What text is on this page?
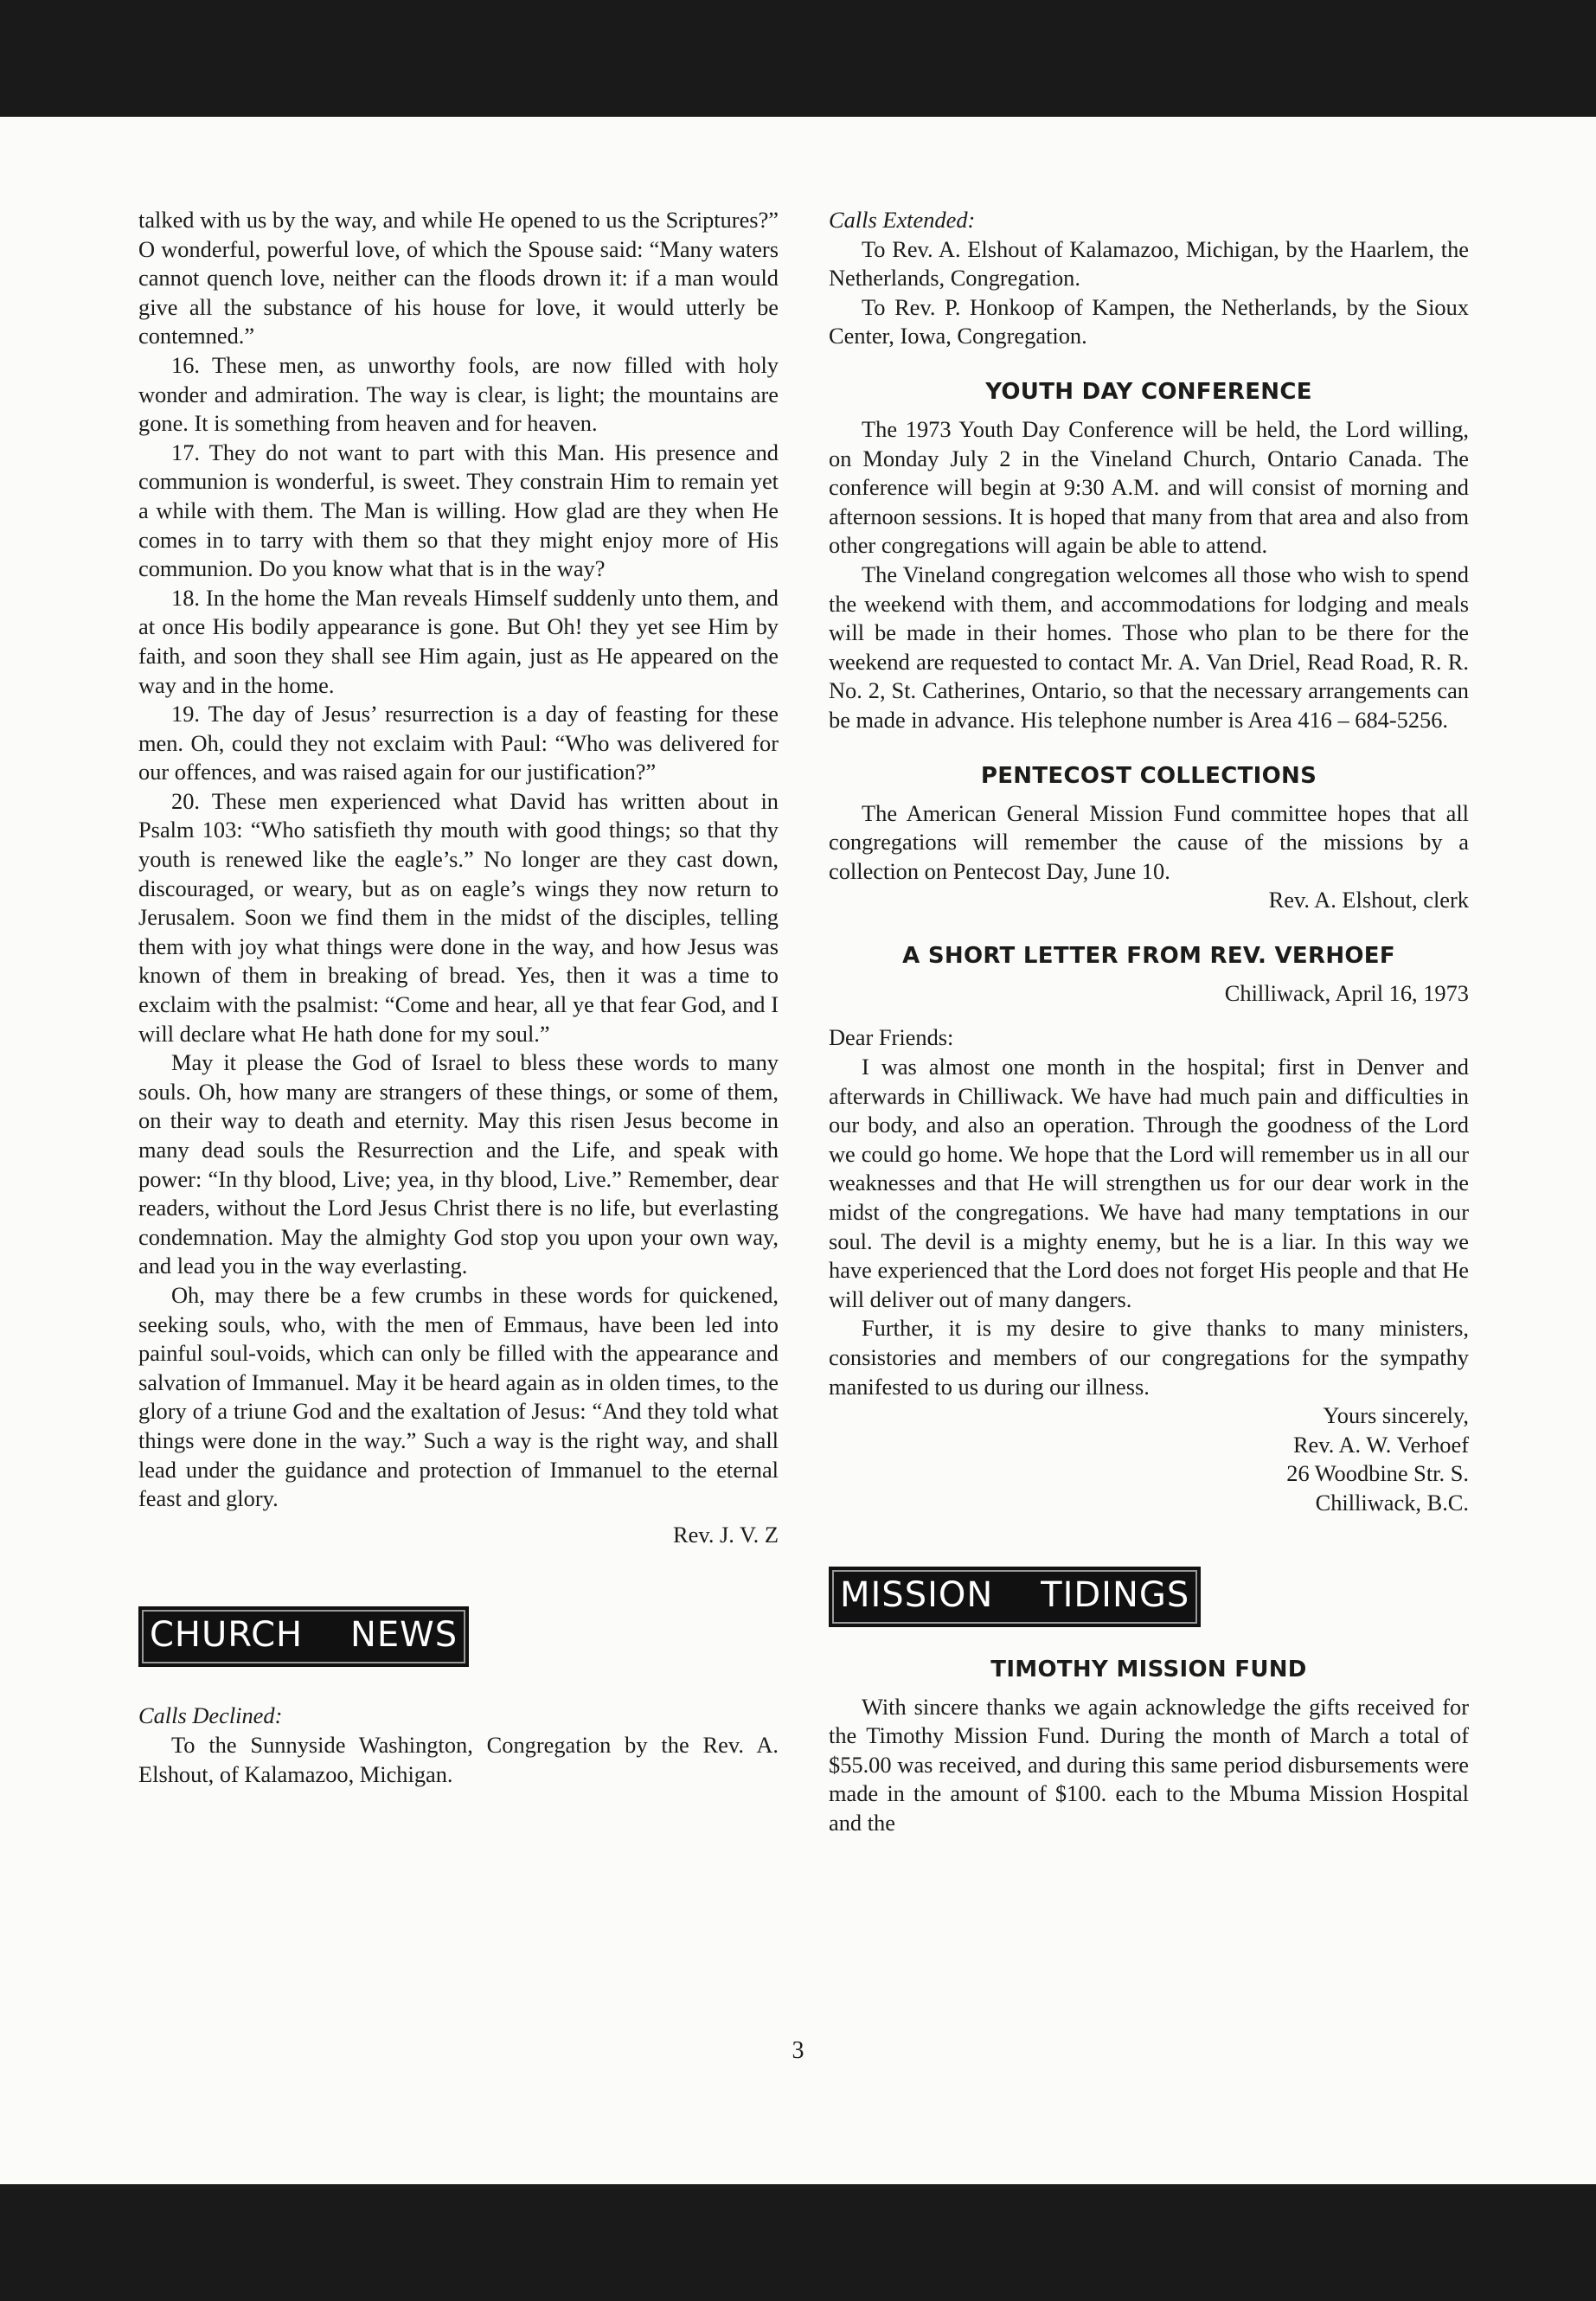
talked with us by the way, and while He opened to us the Scriptures?” O wonderful, powerful love, of which the Spouse said: “Many waters cannot quench love, neither can the floods drown it: if a man would give all the substance of his house for love, it would utterly be contemned.”

16. These men, as unworthy fools, are now filled with holy wonder and admiration. The way is clear, is light; the mountains are gone. It is something from heaven and for heaven.

17. They do not want to part with this Man. His presence and communion is wonderful, is sweet. They constrain Him to remain yet a while with them. The Man is willing. How glad are they when He comes in to tarry with them so that they might enjoy more of His communion. Do you know what that is in the way?

18. In the home the Man reveals Himself suddenly unto them, and at once His bodily appearance is gone. But Oh! they yet see Him by faith, and soon they shall see Him again, just as He appeared on the way and in the home.

19. The day of Jesus’ resurrection is a day of feasting for these men. Oh, could they not exclaim with Paul: “Who was delivered for our offences, and was raised again for our justification?”

20. These men experienced what David has written about in Psalm 103: “Who satisfieth thy mouth with good things; so that thy youth is renewed like the eagle’s.” No longer are they cast down, discouraged, or weary, but as on eagle’s wings they now return to Jerusalem. Soon we find them in the midst of the disciples, telling them with joy what things were done in the way, and how Jesus was known of them in breaking of bread. Yes, then it was a time to exclaim with the psalmist: “Come and hear, all ye that fear God, and I will declare what He hath done for my soul.”

May it please the God of Israel to bless these words to many souls. Oh, how many are strangers of these things, or some of them, on their way to death and eternity. May this risen Jesus become in many dead souls the Resurrection and the Life, and speak with power: “In thy blood, Live; yea, in thy blood, Live.” Remember, dear readers, without the Lord Jesus Christ there is no life, but everlasting condemnation. May the almighty God stop you upon your own way, and lead you in the way everlasting.

Oh, may there be a few crumbs in these words for quickened, seeking souls, who, with the men of Emmaus, have been led into painful soul-voids, which can only be filled with the appearance and salvation of Immanuel. May it be heard again as in olden times, to the glory of a triune God and the exaltation of Jesus: “And they told what things were done in the way.” Such a way is the right way, and shall lead under the guidance and protection of Immanuel to the eternal feast and glory.

Rev. J. V. Z

CHURCH    NEWS

Calls Declined:

To the Sunnyside Washington, Congregation by the Rev. A. Elshout, of Kalamazoo, Michigan.

Calls Extended:

To Rev. A. Elshout of Kalamazoo, Michigan, by the Haarlem, the Netherlands, Congregation.

To Rev. P. Honkoop of Kampen, the Netherlands, by the Sioux Center, Iowa, Congregation.

YOUTH DAY CONFERENCE

The 1973 Youth Day Conference will be held, the Lord willing, on Monday July 2 in the Vineland Church, Ontario Canada. The conference will begin at 9:30 A.M. and will consist of morning and afternoon sessions. It is hoped that many from that area and also from other congregations will again be able to attend.

The Vineland congregation welcomes all those who wish to spend the weekend with them, and accommodations for lodging and meals will be made in their homes. Those who plan to be there for the weekend are requested to contact Mr. A. Van Driel, Read Road, R. R. No. 2, St. Catherines, Ontario, so that the necessary arrangements can be made in advance. His telephone number is Area 416 – 684-5256.

PENTECOST COLLECTIONS

The American General Mission Fund committee hopes that all congregations will remember the cause of the missions by a collection on Pentecost Day, June 10.

Rev. A. Elshout, clerk

A SHORT LETTER FROM REV. VERHOEF

Chilliwack, April 16, 1973

Dear Friends:

I was almost one month in the hospital; first in Denver and afterwards in Chilliwack. We have had much pain and difficulties in our body, and also an operation. Through the goodness of the Lord we could go home. We hope that the Lord will remember us in all our weaknesses and that He will strengthen us for our dear work in the midst of the congregations. We have had many temptations in our soul. The devil is a mighty enemy, but he is a liar. In this way we have experienced that the Lord does not forget His people and that He will deliver out of many dangers.

Further, it is my desire to give thanks to many ministers, consistories and members of our congregations for the sympathy manifested to us during our illness.

Yours sincerely,
Rev. A. W. Verhoef
26 Woodbine Str. S.
Chilliwack, B.C.
MISSION    TIDINGS
TIMOTHY MISSION FUND

With sincere thanks we again acknowledge the gifts received for the Timothy Mission Fund. During the month of March a total of $55.00 was received, and during this same period disbursements were made in the amount of $100. each to the Mbuma Mission Hospital and the

3
